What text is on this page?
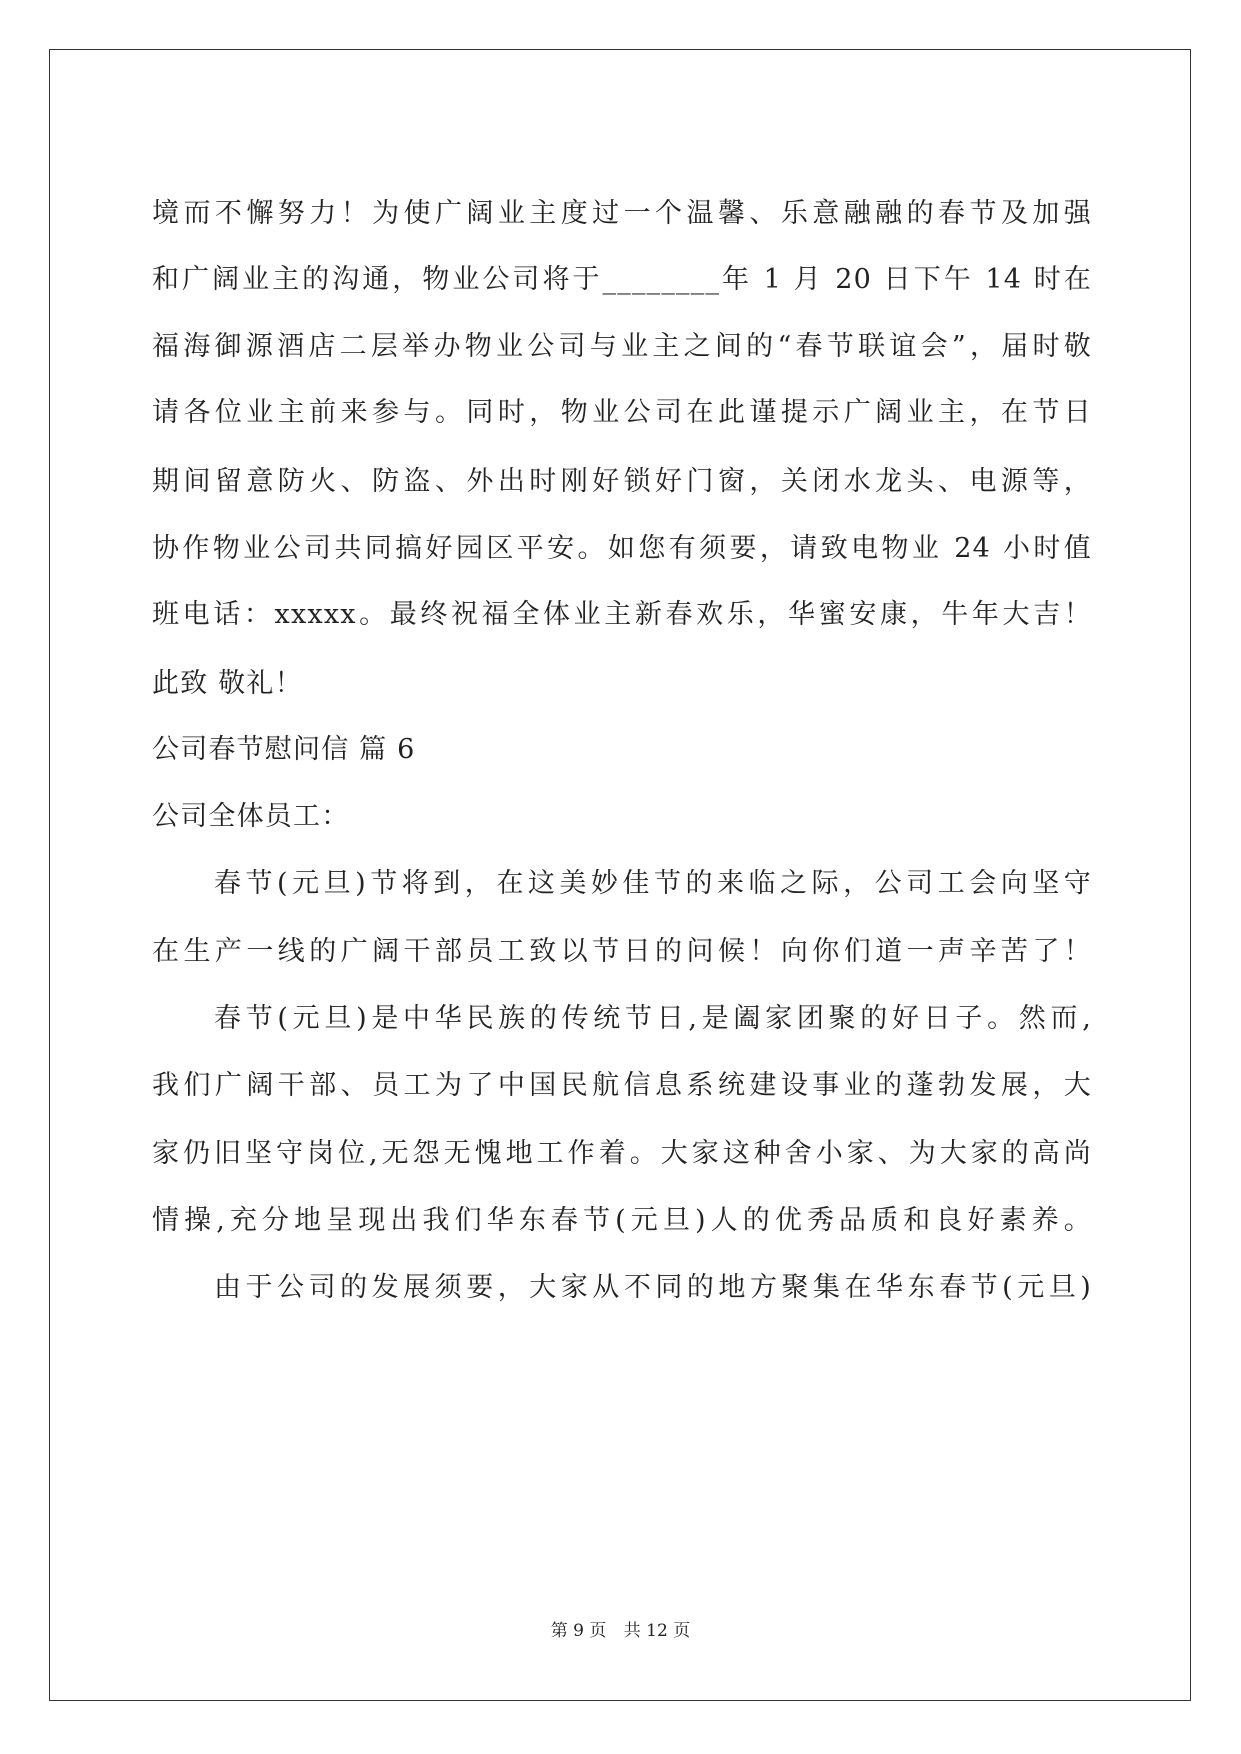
境而不懈努力！为使广阔业主度过一个温馨、乐意融融的春节及加强
和广阔业主的沟通，物业公司将于________年 1 月 20 日下午 14 时在
福海御源酒店二层举办物业公司与业主之间的“春节联谊会”，届时敬
请各位业主前来参与。同时，物业公司在此谨提示广阔业主，在节日
期间留意防火、防盗、外出时刚好锁好门窗，关闭水龙头、电源等，
协作物业公司共同搞好园区平安。如您有须要，请致电物业 24 小时值
班电话：xxxxx。最终祝福全体业主新春欢乐，华蜜安康，牛年大吉！
此致 敬礼！
公司春节慰问信 篇 6
公司全体员工：
春节(元旦)节将到，在这美妙佳节的来临之际，公司工会向坚守
在生产一线的广阔干部员工致以节日的问候！向你们道一声辛苦了！
春节(元旦)是中华民族的传统节日,是阖家团聚的好日子。然而,
我们广阔干部、员工为了中国民航信息系统建设事业的蓬勃发展，大
家仍旧坚守岗位,无怨无愧地工作着。大家这种舍小家、为大家的高尚
情操,充分地呈现出我们华东春节(元旦)人的优秀品质和良好素养。
由于公司的发展须要，大家从不同的地方聚集在华东春节(元旦)
第 9 页 共 12 页
